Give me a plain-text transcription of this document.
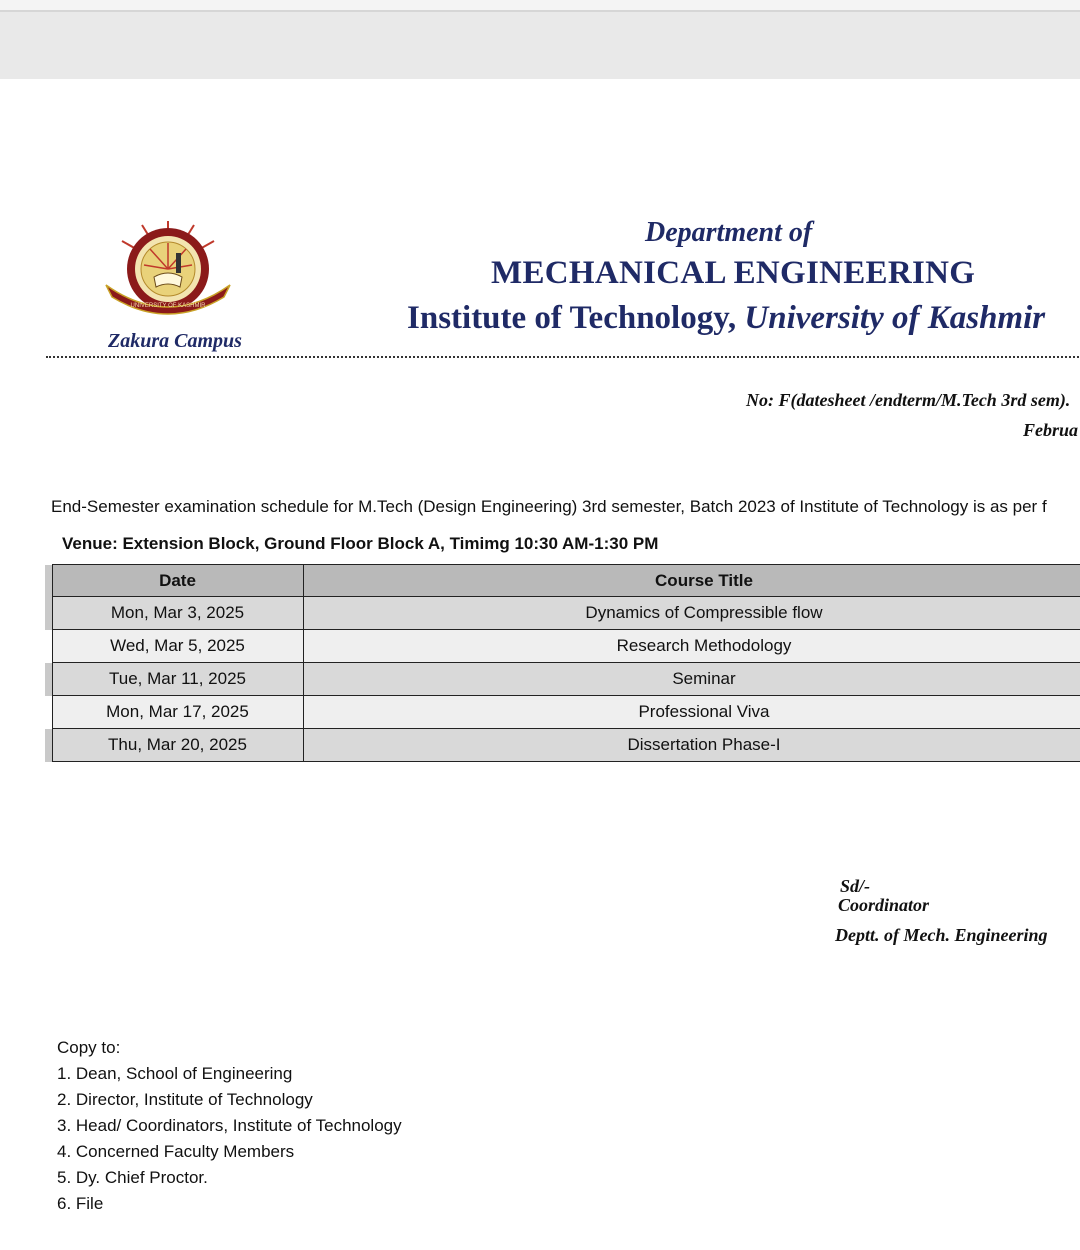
UNIVERSITY OF KASHMIR
Zakura Campus
Department of
MECHANICAL ENGINEERING
Institute of Technology, University of Kashmir
No: F(datesheet /endterm/M.Tech 3rd sem).
Februa
End-Semester examination schedule for M.Tech (Design Engineering) 3rd semester, Batch 2023 of Institute of Technology is as per f
Venue: Extension Block, Ground Floor Block A, Timimg 10:30 AM-1:30 PM
	Date	Course Title
	Mon, Mar 3, 2025	Dynamics of Compressible flow
	Wed, Mar 5, 2025	Research Methodology
	Tue, Mar 11, 2025	Seminar
	Mon, Mar 17, 2025	Professional Viva
	Thu, Mar 20, 2025	Dissertation Phase-I
Sd/-
Coordinator
Deptt. of Mech. Engineering
Copy to:
1. Dean, School of Engineering
2. Director, Institute of Technology
3. Head/ Coordinators, Institute of Technology
4. Concerned Faculty Members
5. Dy. Chief Proctor.
6. File
